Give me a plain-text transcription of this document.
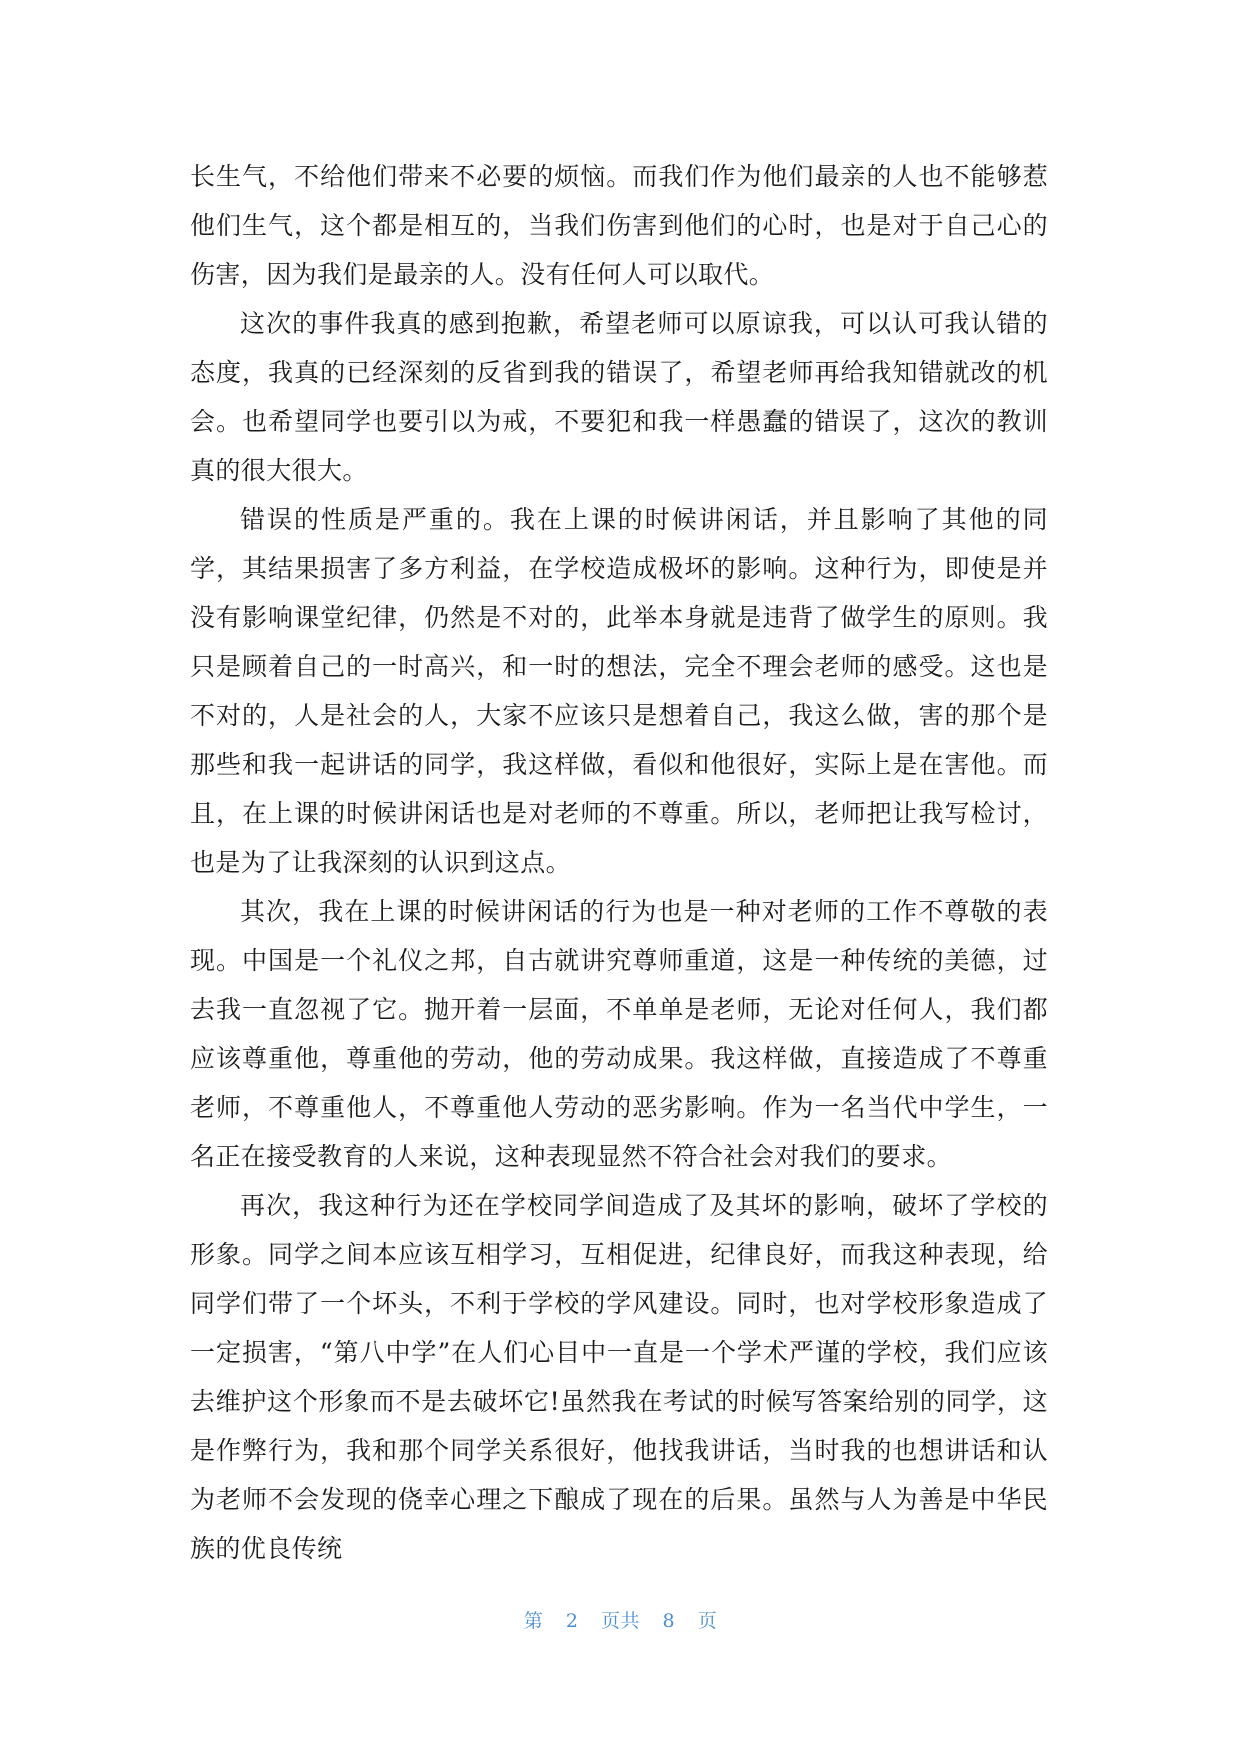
长生气，不给他们带来不必要的烦恼。而我们作为他们最亲的人也不能够惹他们生气，这个都是相互的，当我们伤害到他们的心时，也是对于自己心的伤害，因为我们是最亲的人。没有任何人可以取代。

这次的事件我真的感到抱歉，希望老师可以原谅我，可以认可我认错的态度，我真的已经深刻的反省到我的错误了，希望老师再给我知错就改的机会。也希望同学也要引以为戒，不要犯和我一样愚蠢的错误了，这次的教训真的很大很大。

错误的性质是严重的。我在上课的时候讲闲话，并且影响了其他的同学，其结果损害了多方利益，在学校造成极坏的影响。这种行为，即使是并没有影响课堂纪律，仍然是不对的，此举本身就是违背了做学生的原则。我只是顾着自己的一时高兴，和一时的想法，完全不理会老师的感受。这也是不对的，人是社会的人，大家不应该只是想着自己，我这么做，害的那个是那些和我一起讲话的同学，我这样做，看似和他很好，实际上是在害他。而且，在上课的时候讲闲话也是对老师的不尊重。所以，老师把让我写检讨，也是为了让我深刻的认识到这点。

其次，我在上课的时候讲闲话的行为也是一种对老师的工作不尊敬的表现。中国是一个礼仪之邦，自古就讲究尊师重道，这是一种传统的美德，过去我一直忽视了它。抛开着一层面，不单单是老师，无论对任何人，我们都应该尊重他，尊重他的劳动，他的劳动成果。我这样做，直接造成了不尊重老师，不尊重他人，不尊重他人劳动的恶劣影响。作为一名当代中学生，一名正在接受教育的人来说，这种表现显然不符合社会对我们的要求。

再次，我这种行为还在学校同学间造成了及其坏的影响，破坏了学校的形象。同学之间本应该互相学习，互相促进，纪律良好，而我这种表现，给同学们带了一个坏头，不利于学校的学风建设。同时，也对学校形象造成了一定损害，“第八中学”在人们心目中一直是一个学术严谨的学校，我们应该去维护这个形象而不是去破坏它!虽然我在考试的时候写答案给别的同学，这是作弊行为，我和那个同学关系很好，他找我讲话，当时我的也想讲话和认为老师不会发现的侥幸心理之下酿成了现在的后果。虽然与人为善是中华民族的优良传统

第 2 页共 8 页
